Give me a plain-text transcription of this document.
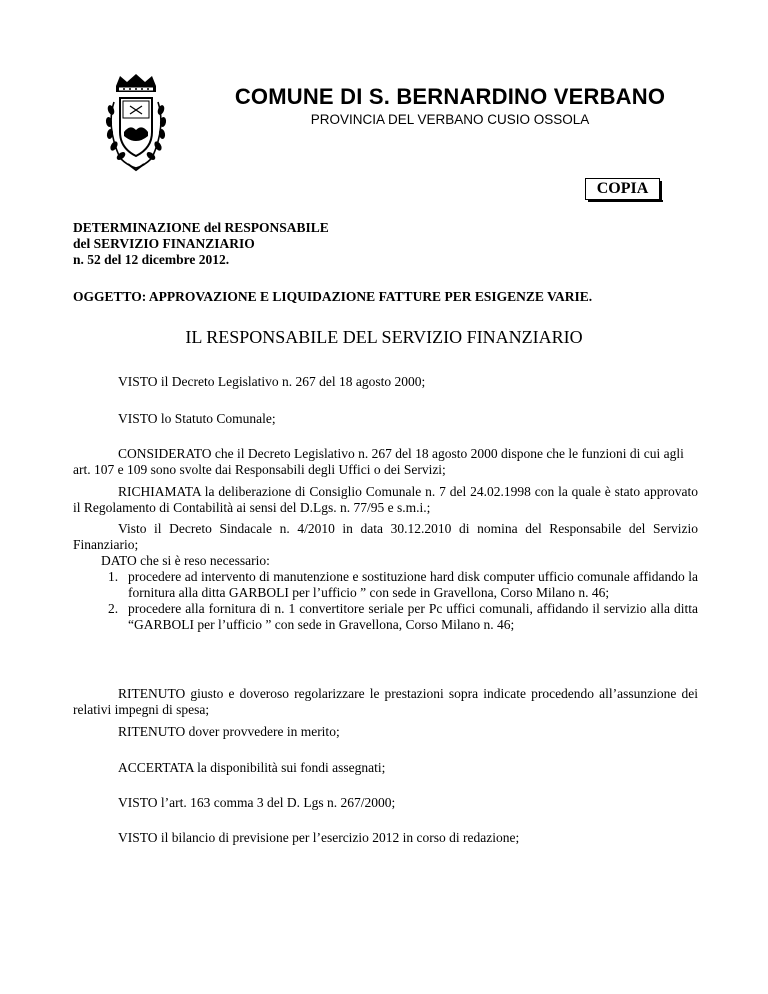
COMUNE DI S. BERNARDINO VERBANO
PROVINCIA DEL VERBANO CUSIO OSSOLA
COPIA
DETERMINAZIONE del RESPONSABILE
del SERVIZIO FINANZIARIO
n. 52 del 12 dicembre 2012.
OGGETTO: APPROVAZIONE E LIQUIDAZIONE FATTURE PER ESIGENZE VARIE.
IL RESPONSABILE DEL SERVIZIO FINANZIARIO
VISTO il Decreto Legislativo n. 267 del 18 agosto 2000;
VISTO lo Statuto Comunale;
CONSIDERATO che il Decreto Legislativo n. 267 del 18 agosto 2000 dispone che le funzioni di cui agli art. 107 e 109 sono svolte dai Responsabili degli Uffici o dei Servizi;
RICHIAMATA la deliberazione di Consiglio Comunale n. 7 del 24.02.1998 con la quale è stato approvato il Regolamento di Contabilità ai sensi del D.Lgs. n. 77/95 e s.m.i.;
Visto il Decreto Sindacale n. 4/2010 in data 30.12.2010 di nomina del Responsabile del Servizio Finanziario;
DATO che si è reso necessario:
1. procedere ad intervento di manutenzione e sostituzione hard disk computer ufficio comunale affidando la fornitura alla ditta GARBOLI per l’ufficio ” con sede in Gravellona, Corso Milano n. 46;
2. procedere alla fornitura di n. 1 convertitore seriale per Pc uffici comunali, affidando il servizio alla ditta “GARBOLI per l’ufficio ” con sede in Gravellona, Corso Milano n. 46;
RITENUTO giusto e doveroso regolarizzare le prestazioni sopra indicate procedendo all’assunzione dei relativi impegni di spesa;
RITENUTO dover provvedere in merito;
ACCERTATA la disponibilità sui fondi assegnati;
VISTO l’art. 163 comma 3 del D. Lgs n. 267/2000;
VISTO il bilancio di previsione per l’esercizio 2012 in corso di redazione;
